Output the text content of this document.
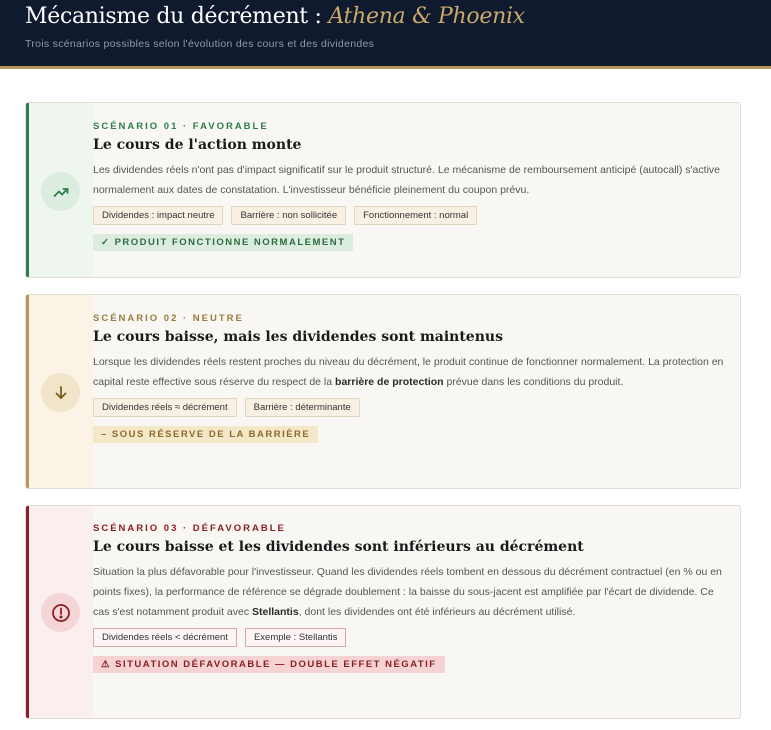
Mécanisme du décrément : Athena & Phoenix
Trois scénarios possibles selon l'évolution des cours et des dividendes
SCÉNARIO 01 · FAVORABLE
Le cours de l'action monte
Les dividendes réels n'ont pas d'impact significatif sur le produit structuré. Le mécanisme de remboursement anticipé (autocall) s'active normalement aux dates de constatation. L'investisseur bénéficie pleinement du coupon prévu.
Dividendes : impact neutre	Barrière : non sollicitée	Fonctionnement : normal
✓ PRODUIT FONCTIONNE NORMALEMENT
SCÉNARIO 02 · NEUTRE
Le cours baisse, mais les dividendes sont maintenus
Lorsque les dividendes réels restent proches du niveau du décrément, le produit continue de fonctionner normalement. La protection en capital reste effective sous réserve du respect de la barrière de protection prévue dans les conditions du produit.
Dividendes réels ≈ décrément	Barrière : déterminante
– SOUS RÉSERVE DE LA BARRIÈRE
SCÉNARIO 03 · DÉFAVORABLE
Le cours baisse et les dividendes sont inférieurs au décrément
Situation la plus défavorable pour l'investisseur. Quand les dividendes réels tombent en dessous du décrément contractuel (en % ou en points fixes), la performance de référence se dégrade doublement : la baisse du sous-jacent est amplifiée par l'écart de dividende. Ce cas s'est notamment produit avec Stellantis, dont les dividendes ont été inférieurs au décrément utilisé.
Dividendes réels < décrément	Exemple : Stellantis
⚠ SITUATION DÉFAVORABLE — DOUBLE EFFET NÉGATIF
